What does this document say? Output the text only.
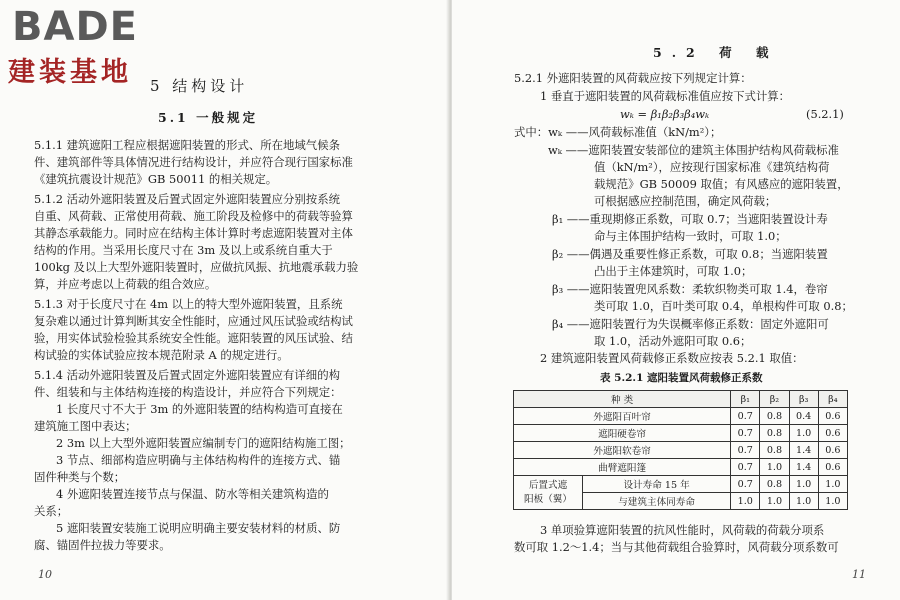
BADE
建装基地 5 结构设计
5.1 一般规定
5.1.1 建筑遮阳工程应根据遮阳装置的形式、所在地域气候条
件、建筑部件等具体情况进行结构设计，并应符合现行国家标准
《建筑抗震设计规范》GB 50011 的相关规定。
5.1.2 活动外遮阳装置及后置式固定外遮阳装置应分别按系统
自重、风荷载、正常使用荷载、施工阶段及检修中的荷载等验算
其静态承载能力。同时应在结构主体计算时考虑遮阳装置对主体
结构的作用。当采用长度尺寸在 3m 及以上或系统自重大于
100kg 及以上大型外遮阳装置时，应做抗风振、抗地震承载力验
算，并应考虑以上荷载的组合效应。
5.1.3 对于长度尺寸在 4m 以上的特大型外遮阳装置，且系统
复杂难以通过计算判断其安全性能时，应通过风压试验或结构试
验，用实体试验检验其系统安全性能。遮阳装置的风压试验、结
构试验的实体试验应按本规范附录 A 的规定进行。
5.1.4 活动外遮阳装置及后置式固定外遮阳装置应有详细的构
件、组装和与主体结构连接的构造设计，并应符合下列规定：
1 长度尺寸不大于 3m 的外遮阳装置的结构构造可直接在
建筑施工图中表达；
2 3m 以上大型外遮阳装置应编制专门的遮阳结构施工图；
3 节点、细部构造应明确与主体结构构件的连接方式、锚
固件种类与个数；
4 外遮阳装置连接节点与保温、防水等相关建筑构造的
关系；
5 遮阳装置安装施工说明应明确主要安装材料的材质、防
腐、锚固件拉拔力等要求。
10
5.2 荷 载
5.2.1 外遮阳装置的风荷载应按下列规定计算：
1 垂直于遮阳装置的风荷载标准值应按下式计算：
wₖ = β₁β₂β₃β₄wₖ	(5.2.1)
式中：wₖ ——风荷载标准值（kN/m²）；
wₖ ——遮阳装置安装部位的建筑主体围护结构风荷载标准
值（kN/m²），应按现行国家标准《建筑结构荷
载规范》GB 50009 取值；有风感应的遮阳装置，
可根据感应控制范围，确定风荷载；
β₁ ——重现期修正系数，可取 0.7；当遮阳装置设计寿
命与主体围护结构一致时，可取 1.0；
β₂ ——偶遇及重要性修正系数，可取 0.8；当遮阳装置
凸出于主体建筑时，可取 1.0；
β₃ ——遮阳装置兜风系数：柔软织物类可取 1.4，卷帘
类可取 1.0，百叶类可取 0.4，单根构件可取 0.8；
β₄ ——遮阳装置行为失误概率修正系数：固定外遮阳可
取 1.0，活动外遮阳可取 0.6；
2 建筑遮阳装置风荷载修正系数应按表 5.2.1 取值：
表 5.2.1 遮阳装置风荷载修正系数
种 类		β₁	β₂	β₃	β₄
外遮阳百叶帘		0.7	0.8	0.4	0.6
遮阳硬卷帘		0.7	0.8	1.0	0.6
外遮阳软卷帘		0.7	0.8	1.4	0.6
曲臂遮阳篷		0.7	1.0	1.4	0.6
后置式遮
阳板（翼）	设计寿命 15 年	0.7	0.8	1.0	1.0
	与建筑主体同寿命	1.0	1.0	1.0	1.0
3 单项验算遮阳装置的抗风性能时，风荷载的荷载分项系
数可取 1.2～1.4；当与其他荷载组合验算时，风荷载分项系数可
11
